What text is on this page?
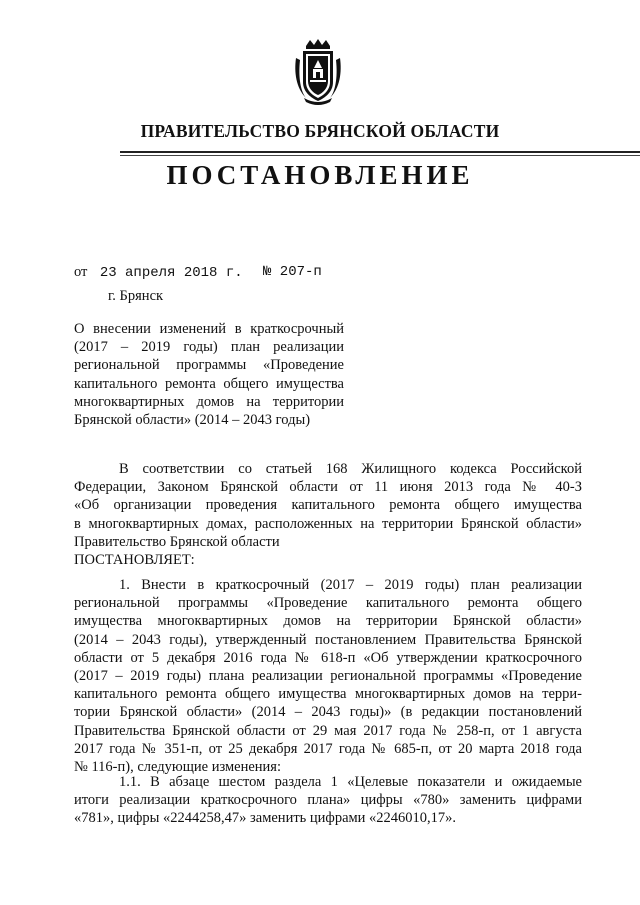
ПРАВИТЕЛЬСТВО БРЯНСКОЙ ОБЛАСТИ
ПОСТАНОВЛЕНИЕ
от 23 апреля 2018 г. № 207-п
г. Брянск
О внесении изменений в краткосрочный
(2017 – 2019 годы) план реализации
региональной программы «Проведение
капитального ремонта общего имущества
многоквартирных домов на территории
Брянской области» (2014 – 2043 годы)
В соответствии со статьей 168 Жилищного кодекса Российской
Федерации, Законом Брянской области от 11 июня 2013 года № 40-З
«Об организации проведения капитального ремонта общего имущества
в многоквартирных домах, расположенных на территории Брянской области»
Правительство Брянской области
ПОСТАНОВЛЯЕТ:
1. Внести в краткосрочный (2017 – 2019 годы) план реализации
региональной программы «Проведение капитального ремонта общего
имущества многоквартирных домов на территории Брянской области»
(2014 – 2043 годы), утвержденный постановлением Правительства Брянской
области от 5 декабря 2016 года № 618-п «Об утверждении краткосрочного
(2017 – 2019 годы) плана реализации региональной программы «Проведение
капитального ремонта общего имущества многоквартирных домов на терри-
тории Брянской области» (2014 – 2043 годы)» (в редакции постановлений
Правительства Брянской области от 29 мая 2017 года № 258-п, от 1 августа
2017 года № 351-п, от 25 декабря 2017 года № 685-п, от 20 марта 2018 года
№ 116-п), следующие изменения:
1.1. В абзаце шестом раздела 1 «Целевые показатели и ожидаемые
итоги реализации краткосрочного плана» цифры «780» заменить цифрами
«781», цифры «2244258,47» заменить цифрами «2246010,17».
